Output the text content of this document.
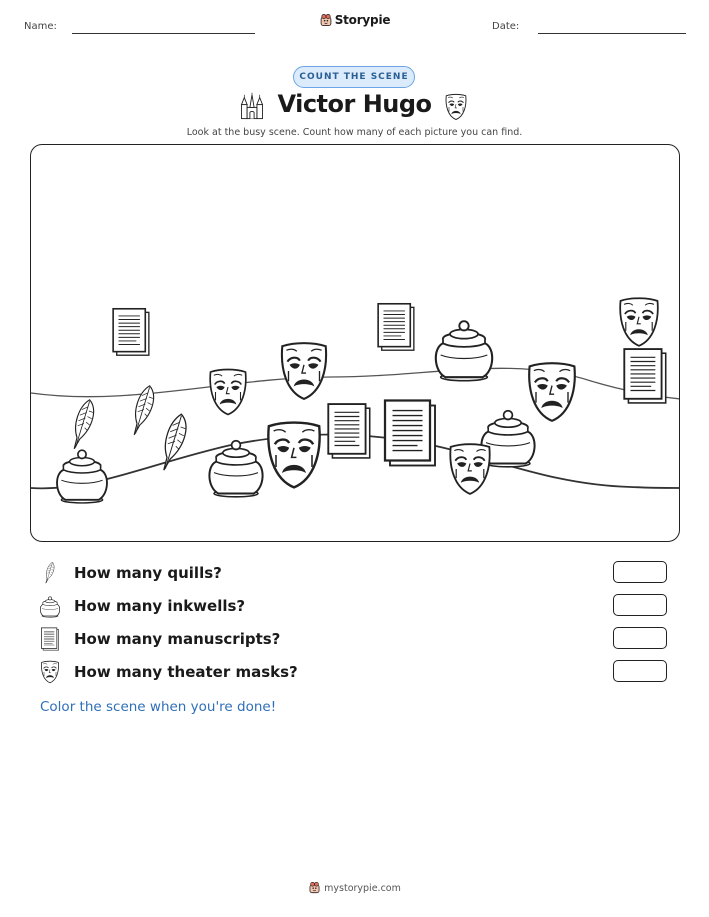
Name:	Storypie	Date:
COUNT THE SCENE
Victor Hugo
Look at the busy scene. Count how many of each picture you can find.
How many quills?
How many inkwells?
How many manuscripts?
How many theater masks?
Color the scene when you're done!
mystorypie.com
